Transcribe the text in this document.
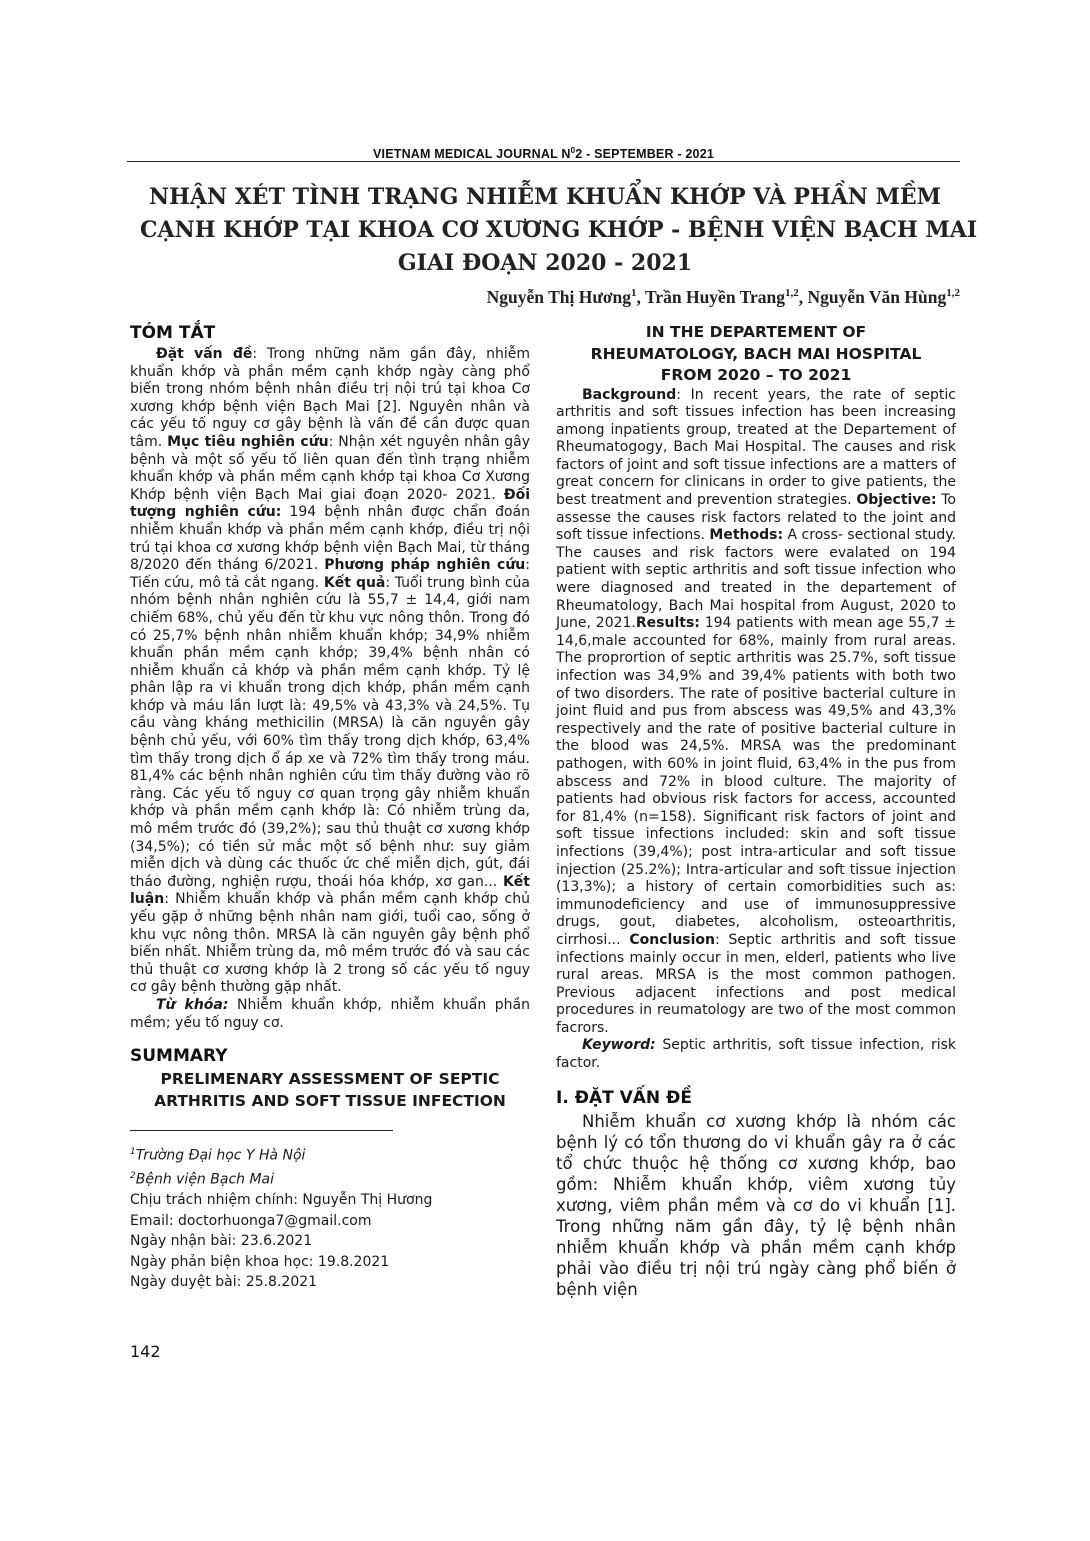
VIETNAM MEDICAL JOURNAL $N^02$ - SEPTEMBER - 2021
NHẬN XÉT TÌNH TRẠNG NHIỄM KHUẨN KHỚP VÀ PHẦN MỀM
CẠNH KHỚP TẠI KHOA CƠ XƯƠNG KHỚP - BỆNH VIỆN BẠCH MAI
GIAI ĐOẠN 2020 - 2021
Nguyễn Thị Hương$^1$, Trần Huyền Trang$^{1,2}$, Nguyễn Văn Hùng$^{1,2}$
TÓM TẮT

Đặt vấn đề: Trong những năm gần đây, nhiễm khuẩn khớp và phần mềm cạnh khớp ngày càng phổ biến trong nhóm bệnh nhân điều trị nội trú tại khoa Cơ xương khớp bệnh viện Bạch Mai [2]. Nguyên nhân và các yếu tố nguy cơ gây bệnh là vấn đề cần được quan tâm. Mục tiêu nghiên cứu: Nhận xét nguyên nhân gây bệnh và một số yếu tố liên quan đến tình trạng nhiễm khuẩn khớp và phần mềm cạnh khớp tại khoa Cơ Xương Khớp bệnh viện Bạch Mai giai đoạn 2020- 2021. Đối tượng nghiên cứu: 194 bệnh nhân được chẩn đoán nhiễm khuẩn khớp và phần mềm cạnh khớp, điều trị nội trú tại khoa cơ xương khớp bệnh viện Bạch Mai, từ tháng 8/2020 đến tháng 6/2021. Phương pháp nghiên cứu: Tiến cứu, mô tả cắt ngang. Kết quả: Tuổi trung bình của nhóm bệnh nhân nghiên cứu là 55,7 ± 14,4, giới nam chiếm 68%, chủ yếu đến từ khu vực nông thôn. Trong đó có 25,7% bệnh nhân nhiễm khuẩn khớp; 34,9% nhiễm khuẩn phần mềm cạnh khớp; 39,4% bệnh nhân có nhiễm khuẩn cả khớp và phần mềm cạnh khớp. Tỷ lệ phân lập ra vi khuẩn trong dịch khớp, phần mềm cạnh khớp và máu lần lượt là: 49,5% và 43,3% và 24,5%. Tụ cầu vàng kháng methicilin (MRSA) là căn nguyên gây bệnh chủ yếu, với 60% tìm thấy trong dịch khớp, 63,4% tìm thấy trong dịch ổ áp xe và 72% tìm thấy trong máu. 81,4% các bệnh nhân nghiên cứu tìm thấy đường vào rõ ràng. Các yếu tố nguy cơ quan trọng gây nhiễm khuẩn khớp và phần mềm cạnh khớp là: Có nhiễm trùng da, mô mềm trước đó (39,2%); sau thủ thuật cơ xương khớp (34,5%); có tiền sử mắc một số bệnh như: suy giảm miễn dịch và dùng các thuốc ức chế miễn dịch, gút, đái tháo đường, nghiện rượu, thoái hóa khớp, xơ gan... Kết luận: Nhiễm khuẩn khớp và phần mềm cạnh khớp chủ yếu gặp ở những bệnh nhân nam giới, tuổi cao, sống ở khu vực nông thôn. MRSA là căn nguyên gây bệnh phổ biến nhất. Nhiễm trùng da, mô mềm trước đó và sau các thủ thuật cơ xương khớp là 2 trong số các yếu tố nguy cơ gây bệnh thường gặp nhất.

Từ khóa: Nhiễm khuẩn khớp, nhiễm khuẩn phần mềm; yếu tố nguy cơ.

SUMMARY
PRELIMENARY ASSESSMENT OF SEPTIC
ARTHRITIS AND SOFT TISSUE INFECTION
$^1$Trường Đại học Y Hà Nội
$^2$Bệnh viện Bạch Mai
Chịu trách nhiệm chính: Nguyễn Thị Hương
Email: doctorhuonga7@gmail.com
Ngày nhận bài: 23.6.2021
Ngày phản biện khoa học: 19.8.2021
Ngày duyệt bài: 25.8.2021
IN THE DEPARTEMENT OF
RHEUMATOLOGY, BACH MAI HOSPITAL
FROM 2020 – TO 2021

Background: In recent years, the rate of septic arthritis and soft tissues infection has been increasing among inpatients group, treated at the Departement of Rheumatogogy, Bach Mai Hospital. The causes and risk factors of joint and soft tissue infections are a matters of great concern for clinicans in order to give patients, the best treatment and prevention strategies. Objective: To assesse the causes risk factors related to the joint and soft tissue infections. Methods: A cross- sectional study. The causes and risk factors were evalated on 194 patient with septic arthritis and soft tissue infection who were diagnosed and treated in the departement of Rheumatology, Bach Mai hospital from August, 2020 to June, 2021.Results: 194 patients with mean age 55,7 ± 14,6,male accounted for 68%, mainly from rural areas. The proprortion of septic arthritis was 25.7%, soft tissue infection was 34,9% and 39,4% patients with both two of two disorders. The rate of positive bacterial culture in joint fluid and pus from abscess was 49,5% and 43,3% respectively and the rate of positive bacterial culture in the blood was 24,5%. MRSA was the predominant pathogen, with 60% in joint fluid, 63,4% in the pus from abscess and 72% in blood culture. The majority of patients had obvious risk factors for access, accounted for 81,4% (n=158). Significant risk factors of joint and soft tissue infections included: skin and soft tissue infections (39,4%); post intra-articular and soft tissue injection (25.2%); Intra-articular and soft tissue injection (13,3%); a history of certain comorbidities such as: immunodeficiency and use of immunosuppressive drugs, gout, diabetes, alcoholism, osteoarthritis, cirrhosi... Conclusion: Septic arthritis and soft tissue infections mainly occur in men, elderl, patients who live rural areas. MRSA is the most common pathogen. Previous adjacent infections and post medical procedures in reumatology are two of the most common facrors.

Keyword: Septic arthritis, soft tissue infection, risk factor.

I. ĐẶT VẤN ĐỀ

Nhiễm khuẩn cơ xương khớp là nhóm các bệnh lý có tổn thương do vi khuẩn gây ra ở các tổ chức thuộc hệ thống cơ xương khớp, bao gồm: Nhiễm khuẩn khớp, viêm xương tủy xương, viêm phần mềm và cơ do vi khuẩn [1]. Trong những năm gần đây, tỷ lệ bệnh nhân nhiễm khuẩn khớp và phần mềm cạnh khớp phải vào điều trị nội trú ngày càng phổ biến ở bệnh viện

142
